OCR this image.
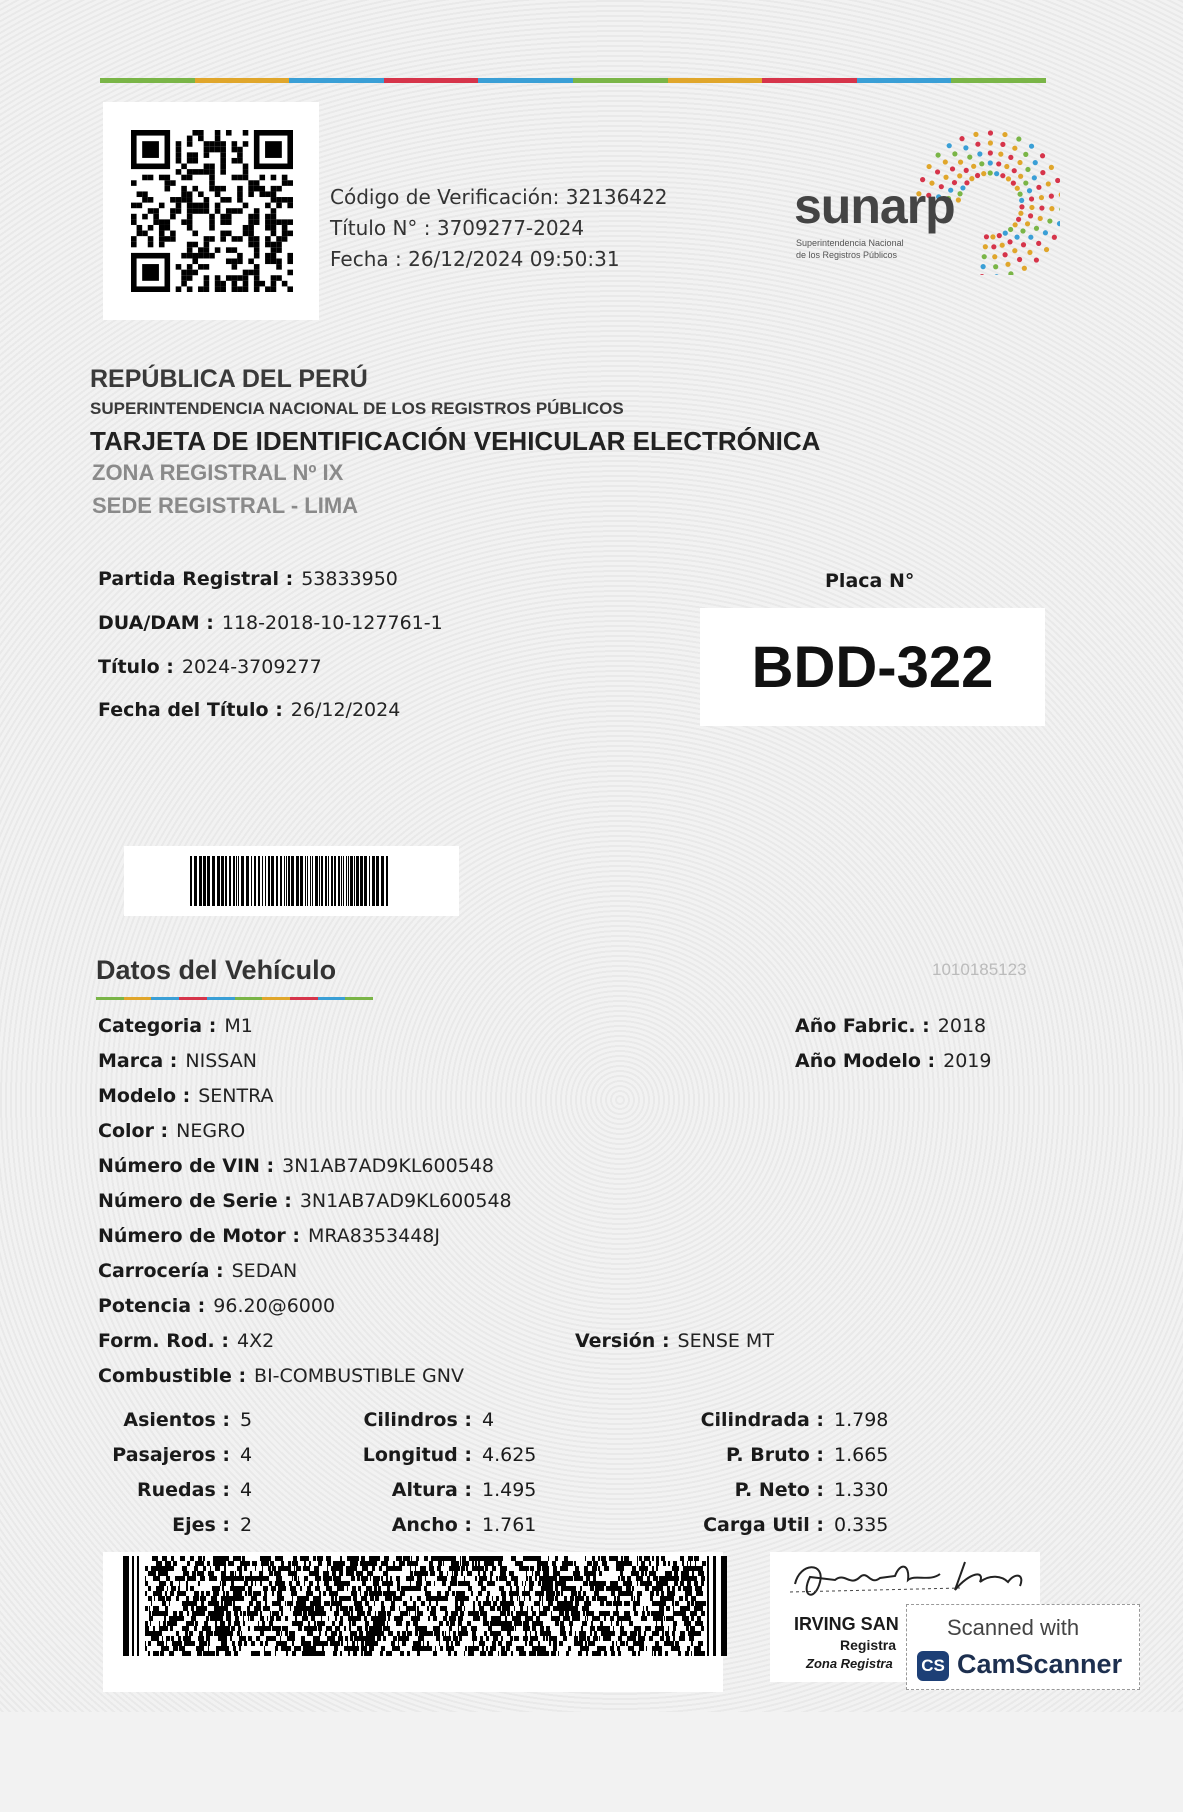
Código de Verificación: 32136422
Título N° : 3709277-2024
Fecha : 26/12/2024 09:50:31
sunarp
Superintendencia Nacional
de los Registros Públicos
REPÚBLICA DEL PERÚ
SUPERINTENDENCIA NACIONAL DE LOS REGISTROS PÚBLICOS
TARJETA DE IDENTIFICACIÓN VEHICULAR ELECTRÓNICA
ZONA REGISTRAL Nº IX
SEDE REGISTRAL - LIMA
Partida Registral : 53833950
DUA/DAM : 118-2018-10-127761-1
Título : 2024-3709277
Fecha del Título : 26/12/2024
Placa N°
BDD-322
Datos del Vehículo	1010185123
Categoria : M1
Marca : NISSAN
Modelo : SENTRA
Color : NEGRO
Número de VIN : 3N1AB7AD9KL600548
Número de Serie : 3N1AB7AD9KL600548
Número de Motor : MRA8353448J
Carrocería : SEDAN
Potencia : 96.20@6000
Form. Rod. : 4X2	Versión : SENSE MT
Combustible : BI-COMBUSTIBLE GNV
Año Fabric. : 2018
Año Modelo : 2019
Asientos : 5
Pasajeros : 4
Ruedas : 4
Ejes : 2
Cilindros : 4
Longitud : 4.625
Altura : 1.495
Ancho : 1.761
Cilindrada : 1.798
P. Bruto : 1.665
P. Neto : 1.330
Carga Util : 0.335
IRVING SAN
Registra
Zona Registra
Scanned with
CS CamScanner
